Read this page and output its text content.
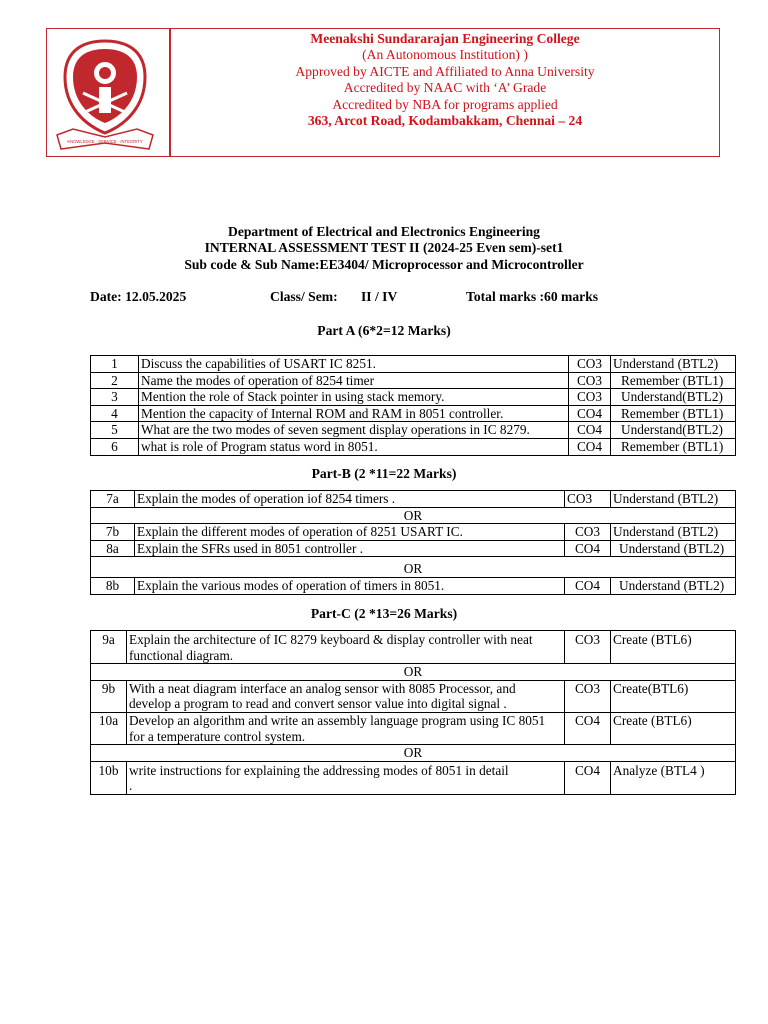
KNOWLEDGE · SERVICE · INTEGRITY
Meenakshi Sundararajan Engineering College
(An Autonomous Institution) )
Approved by AICTE and Affiliated to Anna University
Accredited by NAAC with ‘A’ Grade
Accredited by NBA for programs applied
363, Arcot Road, Kodambakkam, Chennai – 24
Department of Electrical and Electronics Engineering
INTERNAL ASSESSMENT TEST II (2024-25 Even sem)-set1
Sub code & Sub Name:EE3404/ Microprocessor and Microcontroller
Date: 12.05.2025	Class/ Sem: II / IV	Total marks :60 marks
Part A (6*2=12 Marks)
1	Discuss the capabilities of USART IC 8251.	CO3	Understand (BTL2)
2	Name the modes of operation of 8254 timer	CO3	Remember (BTL1)
3	Mention the role of Stack pointer in using stack memory.	CO3	Understand(BTL2)
4	Mention the capacity of Internal ROM and RAM in 8051 controller.	CO4	Remember (BTL1)
5	What are the two modes of seven segment display operations in IC 8279.	CO4	Understand(BTL2)
6	what is role of Program status word in 8051.	CO4	Remember (BTL1)
Part-B (2 *11=22 Marks)
7a	Explain the modes of operation iof 8254 timers .	CO3	Understand (BTL2)
OR			
7b	Explain the different modes of operation of 8251 USART IC.	CO3	Understand (BTL2)
8a	Explain the SFRs used in 8051 controller .	CO4	Understand (BTL2)
OR			
8b	Explain the various modes of operation of timers in 8051.	CO4	Understand (BTL2)
Part-C (2 *13=26 Marks)
9a	Explain the architecture of IC 8279 keyboard & display controller with neat
functional diagram.	CO3	Create (BTL6)
OR			
9b	With a neat diagram interface an analog sensor with 8085 Processor, and
develop a program to read and convert sensor value into digital signal .	CO3	Create(BTL6)
10a	Develop an algorithm and write an assembly language program using IC 8051
for a temperature control system.	CO4	Create (BTL6)
OR			
10b	write instructions for explaining the addressing modes of 8051 in detail
.	CO4	Analyze (BTL4 )
